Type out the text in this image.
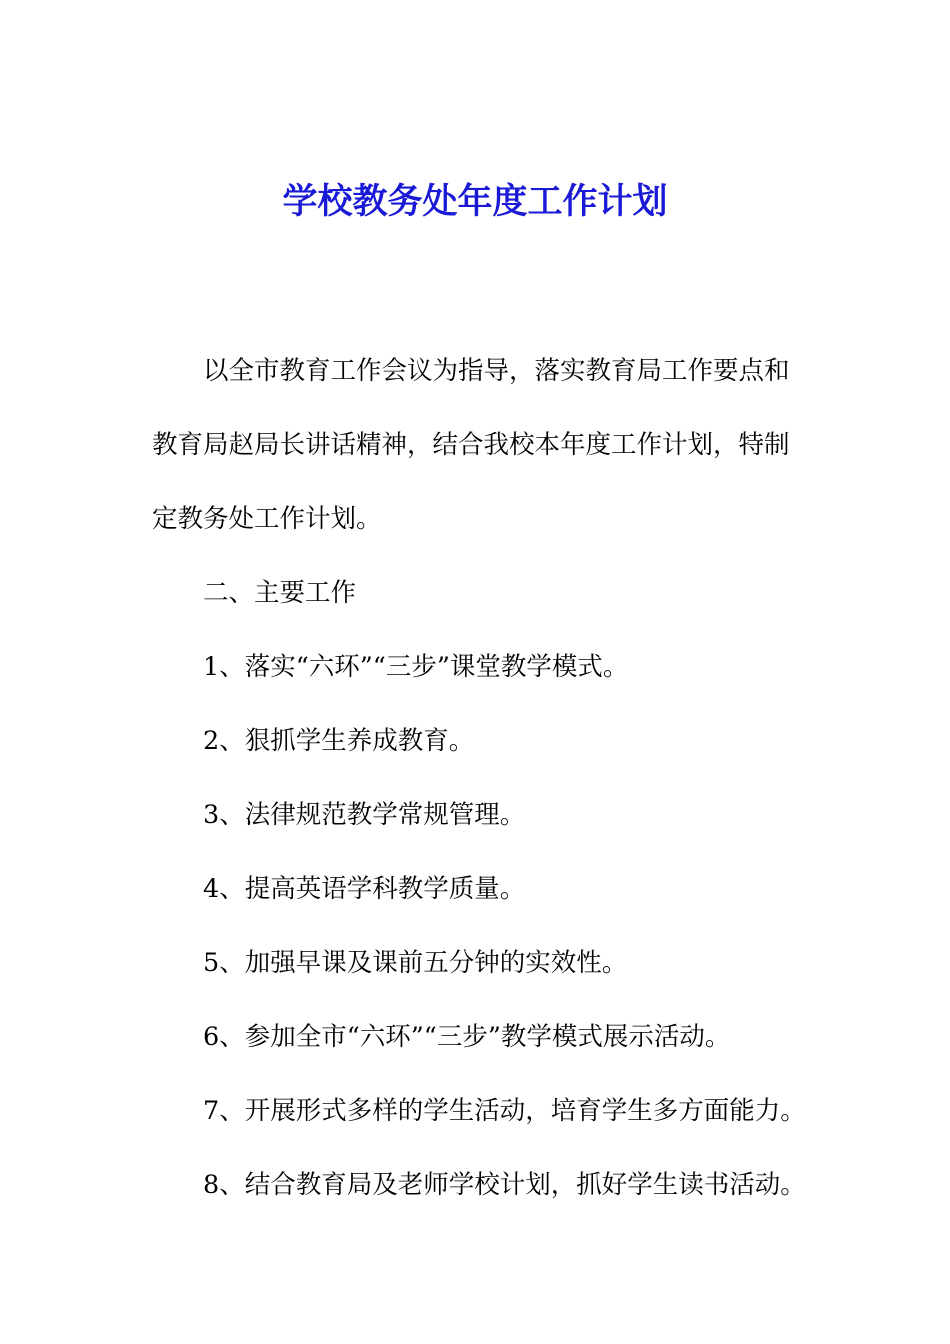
学校教务处年度工作计划

以全市教育工作会议为指导，落实教育局工作要点和教育局赵局长讲话精神，结合我校本年度工作计划，特制定教务处工作计划。

二、主要工作

1、落实“六环”“三步”课堂教学模式。

2、狠抓学生养成教育。

3、法律规范教学常规管理。

4、提高英语学科教学质量。

5、加强早课及课前五分钟的实效性。

6、参加全市“六环”“三步”教学模式展示活动。

7、开展形式多样的学生活动，培育学生多方面能力。

8、结合教育局及老师学校计划，抓好学生读书活动。
